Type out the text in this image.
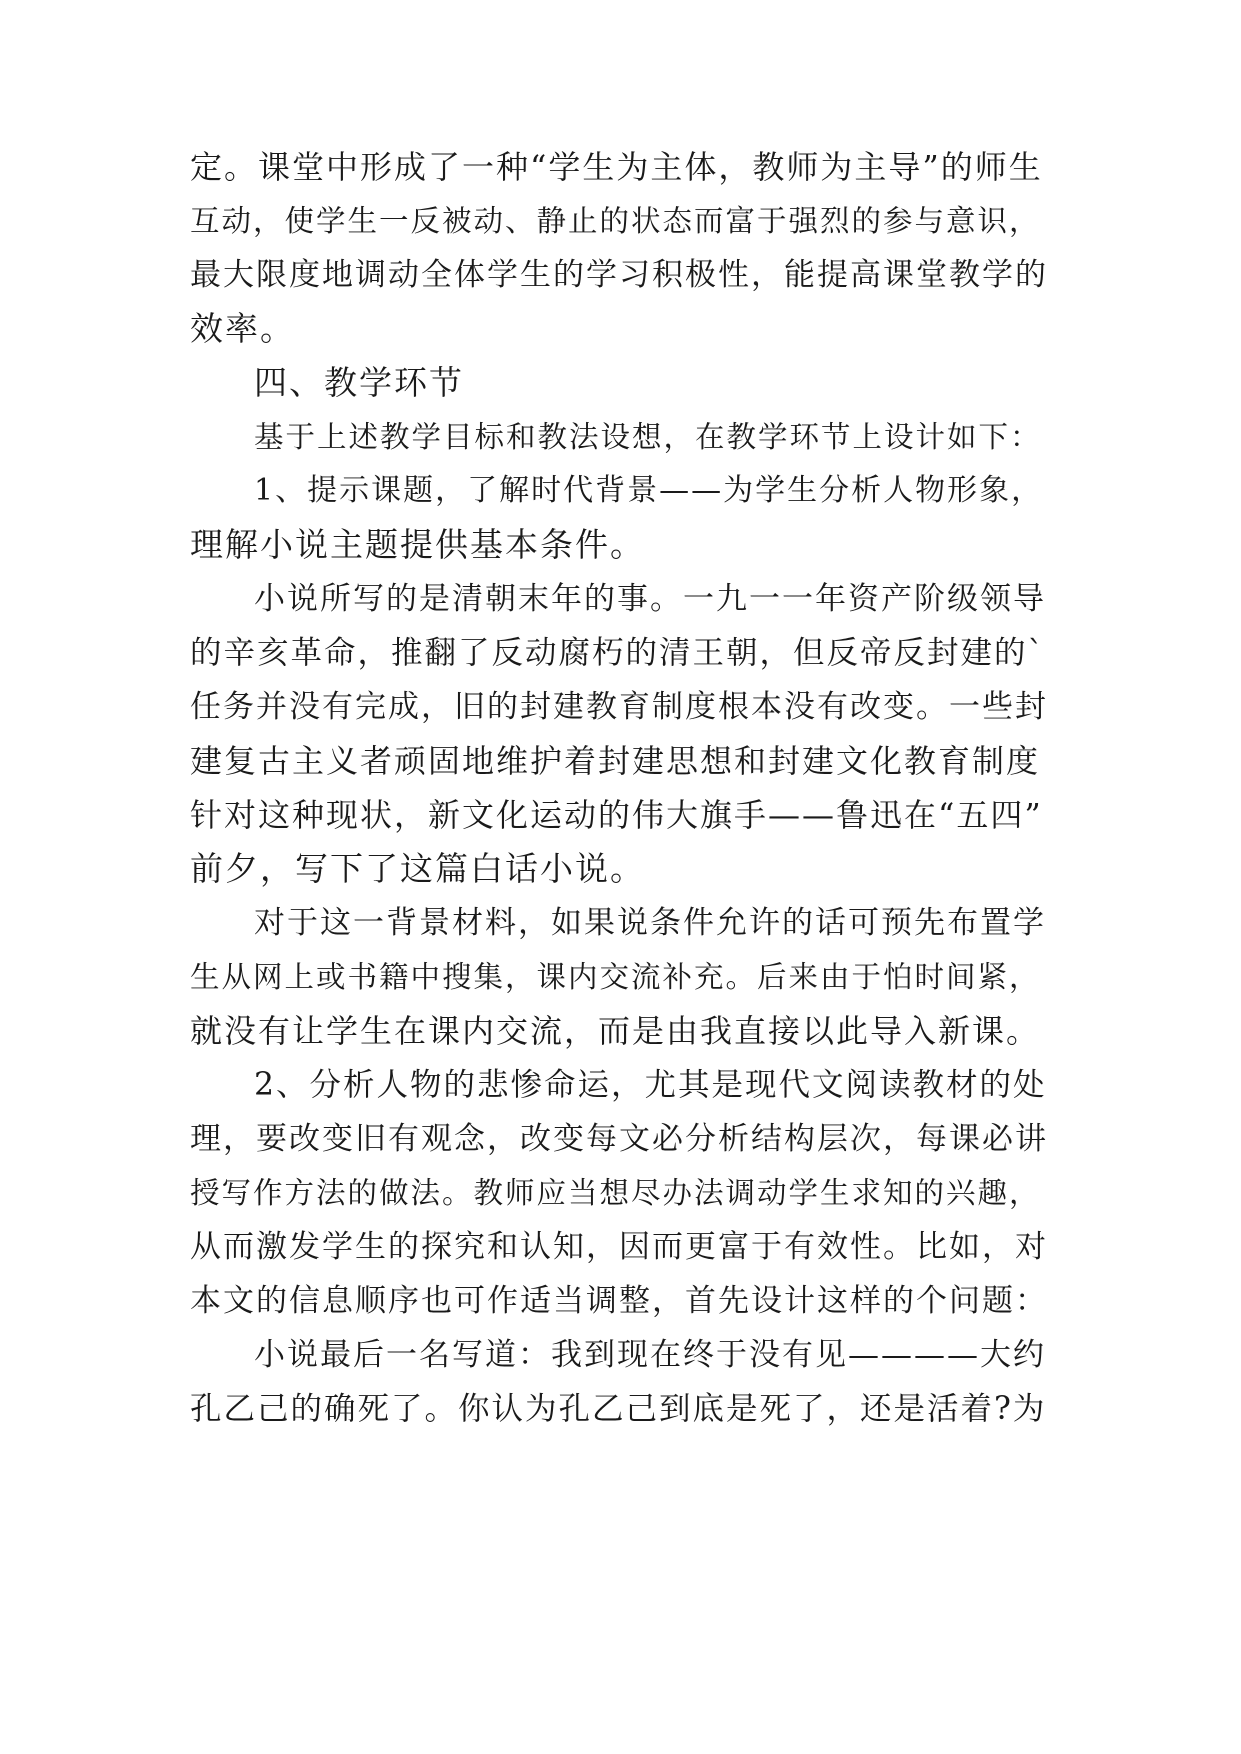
定。课堂中形成了一种“学生为主体，教师为主导”的师生
互动，使学生一反被动、静止的状态而富于强烈的参与意识，
最大限度地调动全体学生的学习积极性，能提高课堂教学的
效率。
四、教学环节
基于上述教学目标和教法设想，在教学环节上设计如下：
1、提示课题，了解时代背景——为学生分析人物形象，
理解小说主题提供基本条件。
小说所写的是清朝末年的事。一九一一年资产阶级领导
的辛亥革命，推翻了反动腐朽的清王朝，但反帝反封建的`
任务并没有完成，旧的封建教育制度根本没有改变。一些封
建复古主义者顽固地维护着封建思想和封建文化教育制度
针对这种现状，新文化运动的伟大旗手——鲁迅在“五四”
前夕，写下了这篇白话小说。
对于这一背景材料，如果说条件允许的话可预先布置学
生从网上或书籍中搜集，课内交流补充。后来由于怕时间紧，
就没有让学生在课内交流，而是由我直接以此导入新课。
2、分析人物的悲惨命运，尤其是现代文阅读教材的处
理，要改变旧有观念，改变每文必分析结构层次，每课必讲
授写作方法的做法。教师应当想尽办法调动学生求知的兴趣，
从而激发学生的探究和认知，因而更富于有效性。比如，对
本文的信息顺序也可作适当调整，首先设计这样的个问题：
小说最后一名写道：我到现在终于没有见————大约
孔乙己的确死了。你认为孔乙己到底是死了，还是活着?为
